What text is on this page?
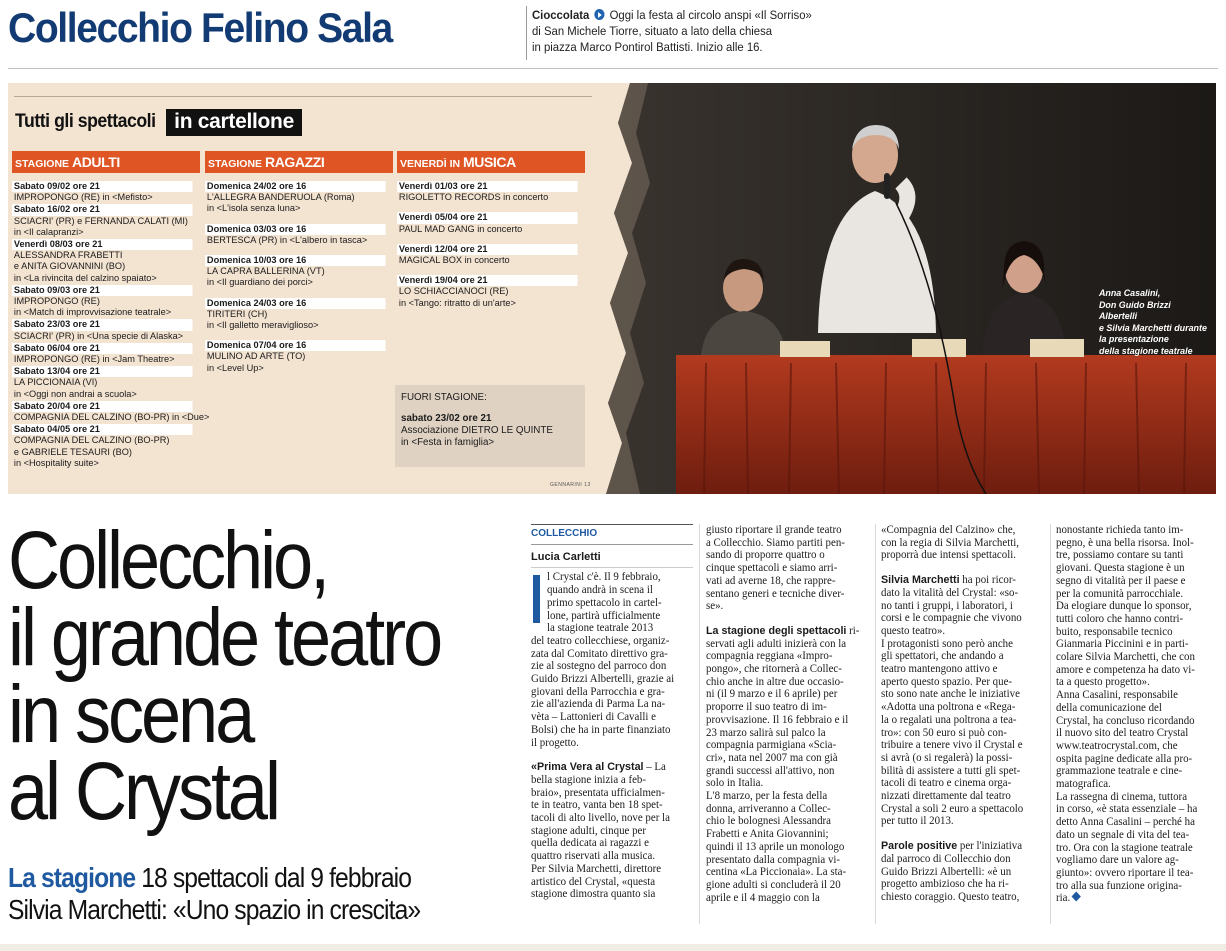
Collecchio Felino Sala	Cioccolata Oggi la festa al circolo anspi «Il Sorriso»
di San Michele Tiorre, situato a lato della chiesa
in piazza Marco Pontirol Battisti. Inizio alle 16.
Tutti gli spettacoli in cartellone
STAGIONE ADULTI
Sabato 09/02 ore 21
IMPROPONGO (RE) in <Mefisto>
Sabato 16/02 ore 21
SCIACRI' (PR) e FERNANDA CALATI (MI)
in <Il calapranzi>
Venerdì 08/03 ore 21
ALESSANDRA FRABETTI
e ANITA GIOVANNINI (BO)
in <La rivincita del calzino spaiato>
Sabato 09/03 ore 21
IMPROPONGO (RE)
in <Match di improvvisazione teatrale>
Sabato 23/03 ore 21
SCIACRI' (PR) in <Una specie di Alaska>
Sabato 06/04 ore 21
IMPROPONGO (RE) in <Jam Theatre>
Sabato 13/04 ore 21
LA PICCIONAIA (VI)
in <Oggi non andrai a scuola>
Sabato 20/04 ore 21
COMPAGNIA DEL CALZINO (BO-PR) in <Due>
Sabato 04/05 ore 21
COMPAGNIA DEL CALZINO (BO-PR)
e GABRIELE TESAURI (BO)
in <Hospitality suite>
STAGIONE RAGAZZI
Domenica 24/02 ore 16
L'ALLEGRA BANDERUOLA (Roma)
in <L'isola senza luna>
Domenica 03/03 ore 16
BERTESCA (PR) in <L'albero in tasca>
Domenica 10/03 ore 16
LA CAPRA BALLERINA (VT)
in <Il guardiano dei porci>
Domenica 24/03 ore 16
TIRITERI (CH)
in <Il galletto meraviglioso>
Domenica 07/04 ore 16
MULINO AD ARTE (TO)
in <Level Up>
VENERDÌ IN MUSICA
Venerdì 01/03 ore 21
RIGOLETTO RECORDS in concerto
Venerdì 05/04 ore 21
PAUL MAD GANG in concerto
Venerdì 12/04 ore 21
MAGICAL BOX in concerto
Venerdì 19/04 ore 21
LO SCHIACCIANOCI (RE)
in <Tango: ritratto di un'arte>
FUORI STAGIONE:
sabato 23/02 ore 21
Associazione DIETRO LE QUINTE
in <Festa in famiglia>
GENNARINI 13
Anna Casalini,
Don Guido Brizzi Albertelli
e Silvia Marchetti durante
la presentazione
della stagione teatrale
Collecchio,
il grande teatro
in scena
al Crystal
La stagione 18 spettacoli dal 9 febbraio
Silvia Marchetti: «Uno spazio in crescita»
COLLECCHIO
Lucia Carletti

l Crystal c'è. Il 9 febbraio,

quando andrà in scena il

primo spettacolo in cartel-

lone, partirà ufficialmente

la stagione teatrale 2013

del teatro collecchiese, organiz-

zata dal Comitato direttivo gra-

zie al sostegno del parroco don

Guido Brizzi Albertelli, grazie ai

giovani della Parrocchia e gra-

zie all'azienda di Parma La na-

vèta – Lattonieri di Cavalli e

Bolsi) che ha in parte finanziato

il progetto.

«Prima Vera al Crystal – La

bella stagione inizia a feb-

braio», presentata ufficialmen-

te in teatro, vanta ben 18 spet-

tacoli di alto livello, nove per la

stagione adulti, cinque per

quella dedicata ai ragazzi e

quattro riservati alla musica.

Per Silvia Marchetti, direttore

artistico del Crystal, «questa

stagione dimostra quanto sia

giusto riportare il grande teatro

a Collecchio. Siamo partiti pen-

sando di proporre quattro o

cinque spettacoli e siamo arri-

vati ad averne 18, che rappre-

sentano generi e tecniche diver-

se».

La stagione degli spettacoli ri-

servati agli adulti inizierà con la

compagnia reggiana «Impro-

pongo», che ritornerà a Collec-

chio anche in altre due occasio-

ni (il 9 marzo e il 6 aprile) per

proporre il suo teatro di im-

provvisazione. Il 16 febbraio e il

23 marzo salirà sul palco la

compagnia parmigiana «Scia-

cri», nata nel 2007 ma con già

grandi successi all'attivo, non

solo in Italia.

L'8 marzo, per la festa della

donna, arriveranno a Collec-

chio le bolognesi Alessandra

Frabetti e Anita Giovannini;

quindi il 13 aprile un monologo

presentato dalla compagnia vi-

centina «La Piccionaia». La sta-

gione adulti si concluderà il 20

aprile e il 4 maggio con la

«Compagnia del Calzino» che,

con la regia di Silvia Marchetti,

proporrà due intensi spettacoli.

Silvia Marchetti ha poi ricor-

dato la vitalità del Crystal: «so-

no tanti i gruppi, i laboratori, i

corsi e le compagnie che vivono

questo teatro».

I protagonisti sono però anche

gli spettatori, che andando a

teatro mantengono attivo e

aperto questo spazio. Per que-

sto sono nate anche le iniziative

«Adotta una poltrona e «Rega-

la o regalati una poltrona a tea-

tro»: con 50 euro si può con-

tribuire a tenere vivo il Crystal e

si avrà (o si regalerà) la possi-

bilità di assistere a tutti gli spet-

tacoli di teatro e cinema orga-

nizzati direttamente dal teatro

Crystal a soli 2 euro a spettacolo

per tutto il 2013.

Parole positive per l'iniziativa

dal parroco di Collecchio don

Guido Brizzi Albertelli: «è un

progetto ambizioso che ha ri-

chiesto coraggio. Questo teatro,

nonostante richieda tanto im-

pegno, è una bella risorsa. Inol-

tre, possiamo contare su tanti

giovani. Questa stagione è un

segno di vitalità per il paese e

per la comunità parrocchiale.

Da elogiare dunque lo sponsor,

tutti coloro che hanno contri-

buito, responsabile tecnico

Gianmaria Piccinini e in parti-

colare Silvia Marchetti, che con

amore e competenza ha dato vi-

ta a questo progetto».

Anna Casalini, responsabile

della comunicazione del

Crystal, ha concluso ricordando

il nuovo sito del teatro Crystal

www.teatrocrystal.com, che

ospita pagine dedicate alla pro-

grammazione teatrale e cine-

matografica.

La rassegna di cinema, tuttora

in corso, «è stata essenziale – ha

detto Anna Casalini – perché ha

dato un segnale di vita del tea-

tro. Ora con la stagione teatrale

vogliamo dare un valore ag-

giunto»: ovvero riportare il tea-

tro alla sua funzione origina-

ria.
